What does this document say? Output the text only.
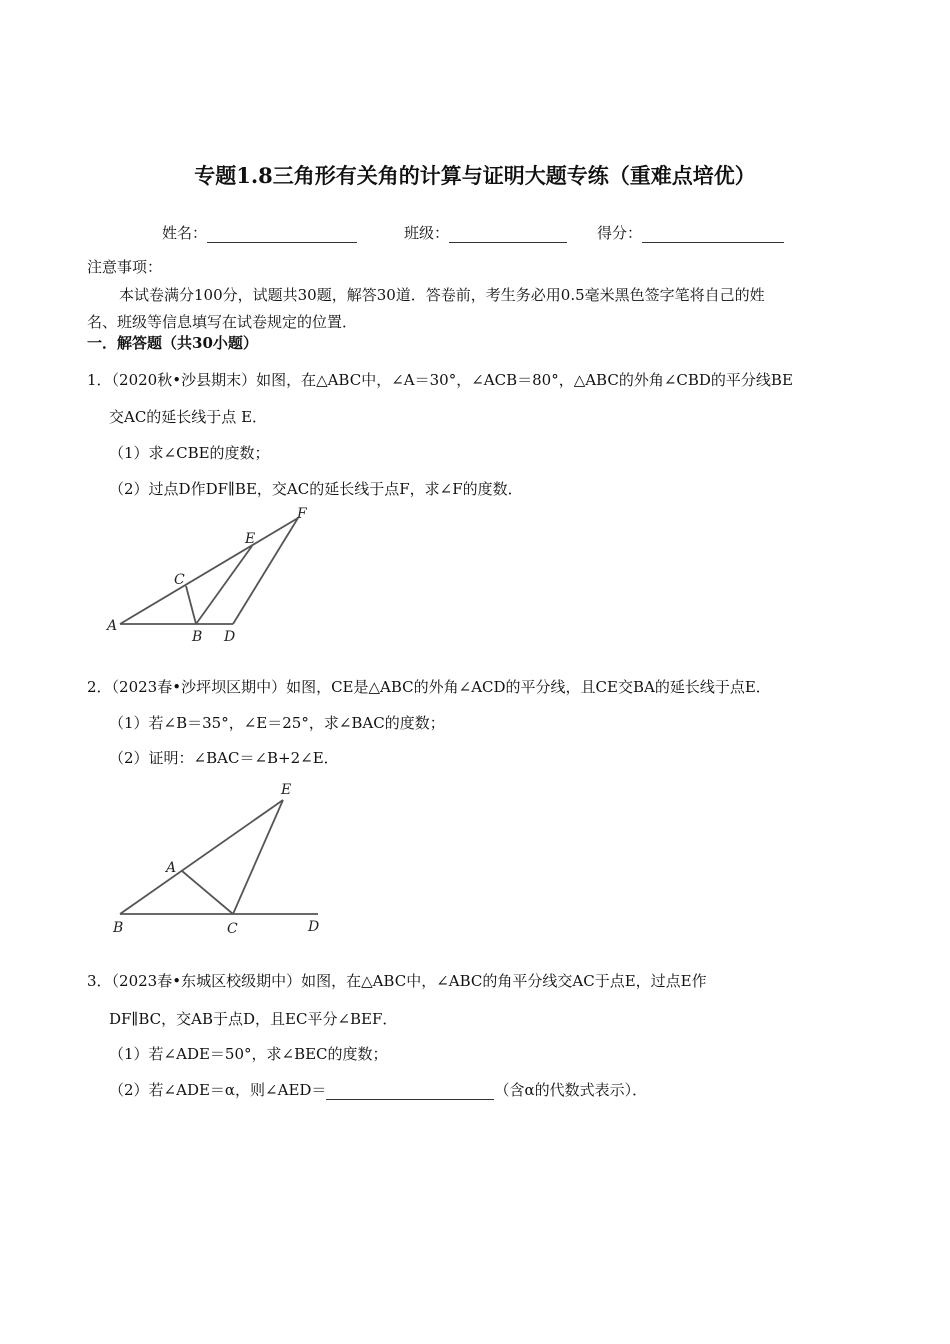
专题1.8三角形有关角的计算与证明大题专练（重难点培优）
姓名：	班级：	得分：
注意事项：
本试卷满分100分，试题共30题，解答30道．答卷前，考生务必用0.5毫米黑色签字笔将自己的姓
名、班级等信息填写在试卷规定的位置．
一．解答题（共30小题）
1．（2020秋•沙县期末）如图，在△ABC中，∠A＝30°，∠ACB＝80°，△ABC的外角∠CBD的平分线BE
交AC的延长线于点 E．
（1）求∠CBE的度数；
（2）过点D作DF∥BE，交AC的延长线于点F，求∠F的度数．
A
B
C
D
E
F
2．（2023春•沙坪坝区期中）如图，CE是△ABC的外角∠ACD的平分线，且CE交BA的延长线于点E．
（1）若∠B＝35°，∠E＝25°，求∠BAC的度数；
（2）证明：∠BAC＝∠B+2∠E．
A
B	C	D
E
3．（2023春•东城区校级期中）如图，在△ABC中，∠ABC的角平分线交AC于点E，过点E作
DF∥BC，交AB于点D，且EC平分∠BEF．
（1）若∠ADE＝50°，求∠BEC的度数；
（2）若∠ADE＝α，则∠AED＝	（含α的代数式表示）．
